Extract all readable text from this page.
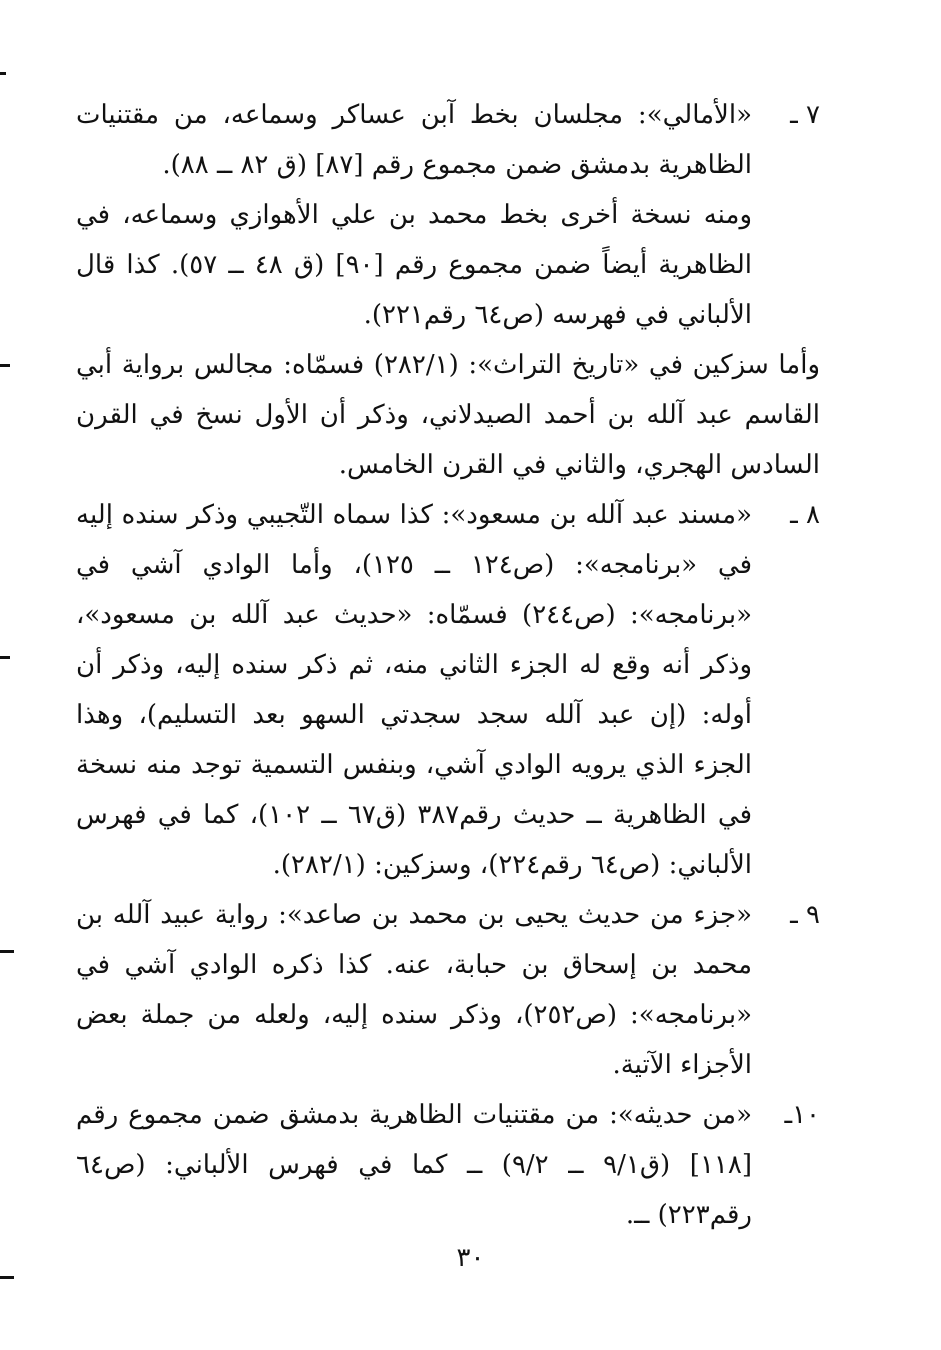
٧ ـ

«الأمالي»: مجلسان بخط آبن عساكر وسماعه، من مقتنيات الظاهرية بدمشق ضمن مجموع رقم [٨٧] (ق ٨٢ ــ ٨٨).

ومنه نسخة أخرى بخط محمد بن علي الأهوازي وسماعه، في الظاهرية أيضاً ضمن مجموع رقم [٩٠] (ق ٤٨ ــ ٥٧). كذا قال الألباني في فهرسه (ص٦٤ رقم٢٢١).

وأما سزكين في «تاريخ التراث»: (٢٨٢/١) فسمّاه: مجالس برواية أبي القاسم عبد آلله بن أحمد الصيدلاني، وذكر أن الأول نسخ في القرن السادس الهجري، والثاني في القرن الخامس.

٨ ـ

«مسند عبد آلله بن مسعود»: كذا سماه التّجيبي وذكر سنده إليه في «برنامجه»: (ص١٢٤ ــ ١٢٥)، وأما الوادي آشي في «برنامجه»: (ص٢٤٤) فسمّاه: «حديث عبد آلله بن مسعود»، وذكر أنه وقع له الجزء الثاني منه، ثم ذكر سنده إليه، وذكر أن أوله: (إن عبد آلله سجد سجدتي السهو بعد التسليم)، وهذا الجزء الذي يرويه الوادي آشي، وبنفس التسمية توجد منه نسخة في الظاهرية ــ حديث رقم٣٨٧ (ق٦٧ ــ ١٠٢)، كما في فهرس الألباني: (ص٦٤ رقم٢٢٤)، وسزكين: (٢٨٢/١).

٩ ـ

«جزء من حديث يحيى بن محمد بن صاعد»: رواية عبيد آلله بن محمد بن إسحاق بن حبابة، عنه. كذا ذكره الوادي آشي في «برنامجه»: (ص٢٥٢)، وذكر سنده إليه، ولعله من جملة بعض الأجزاء الآتية.

١٠ـ

«من حديثه»: من مقتنيات الظاهرية بدمشق ضمن مجموع رقم [١١٨] (ق٩/١ ــ ٩/٢) ــ كما في فهرس الألباني: (ص٦٤ رقم٢٢٣) ــ.

٣٠
